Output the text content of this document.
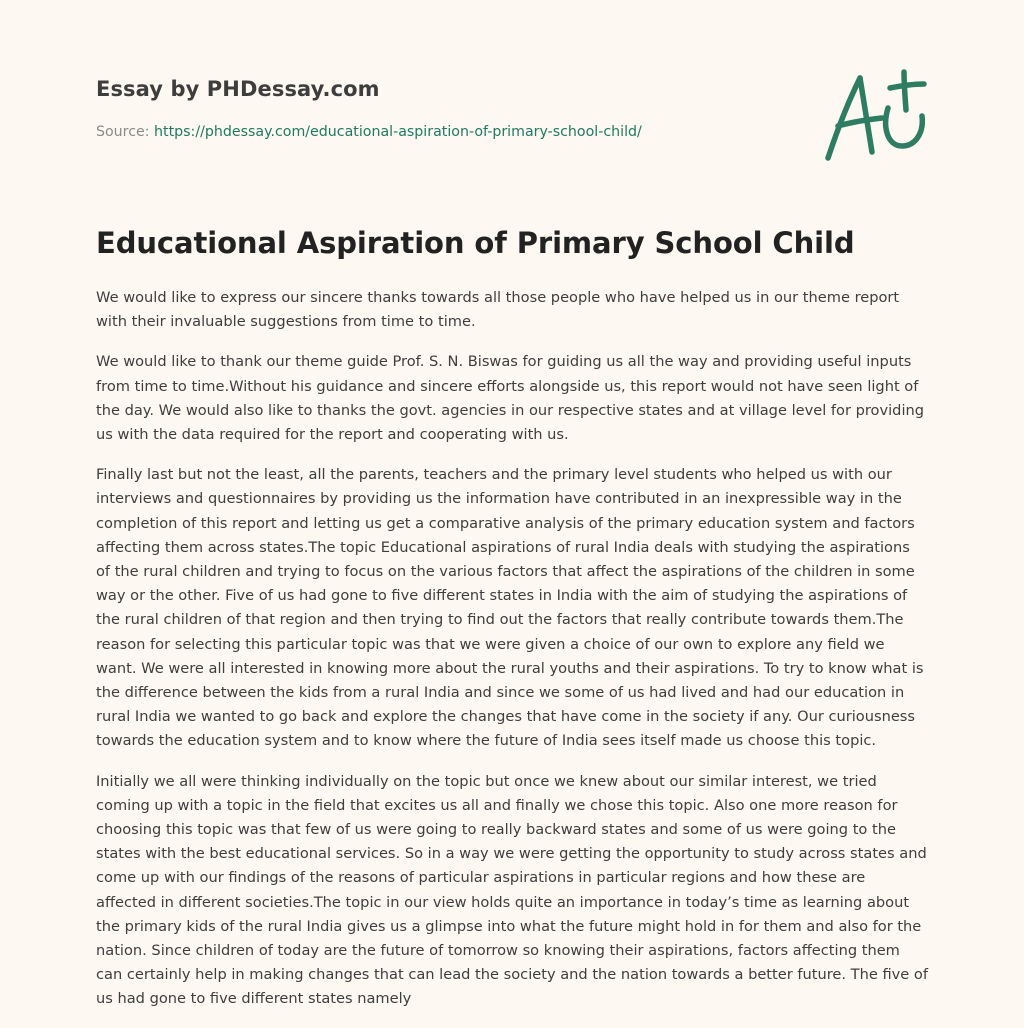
Essay by PHDessay.com
Source: https://phdessay.com/educational-aspiration-of-primary-school-child/
Educational Aspiration of Primary School Child

We would like to express our sincere thanks towards all those people who have helped us in our theme report with their invaluable suggestions from time to time.

We would like to thank our theme guide Prof. S. N. Biswas for guiding us all the way and providing useful inputs from time to time.Without his guidance and sincere efforts alongside us, this report would not have seen light of the day. We would also like to thanks the govt. agencies in our respective states and at village level for providing us with the data required for the report and cooperating with us.

Finally last but not the least, all the parents, teachers and the primary level students who helped us with our interviews and questionnaires by providing us the information have contributed in an inexpressible way in the completion of this report and letting us get a comparative analysis of the primary education system and factors affecting them across states.The topic Educational aspirations of rural India deals with studying the aspirations of the rural children and trying to focus on the various factors that affect the aspirations of the children in some way or the other. Five of us had gone to five different states in India with the aim of studying the aspirations of the rural children of that region and then trying to find out the factors that really contribute towards them.The reason for selecting this particular topic was that we were given a choice of our own to explore any field we want. We were all interested in knowing more about the rural youths and their aspirations. To try to know what is the difference between the kids from a rural India and since we some of us had lived and had our education in rural India we wanted to go back and explore the changes that have come in the society if any. Our curiousness towards the education system and to know where the future of India sees itself made us choose this topic.

Initially we all were thinking individually on the topic but once we knew about our similar interest, we tried coming up with a topic in the field that excites us all and finally we chose this topic. Also one more reason for choosing this topic was that few of us were going to really backward states and some of us were going to the states with the best educational services. So in a way we were getting the opportunity to study across states and come up with our findings of the reasons of particular aspirations in particular regions and how these are affected in different societies.The topic in our view holds quite an importance in today’s time as learning about the primary kids of the rural India gives us a glimpse into what the future might hold in for them and also for the nation. Since children of today are the future of tomorrow so knowing their aspirations, factors affecting them can certainly help in making changes that can lead the society and the nation towards a better future. The five of us had gone to five different states namely
